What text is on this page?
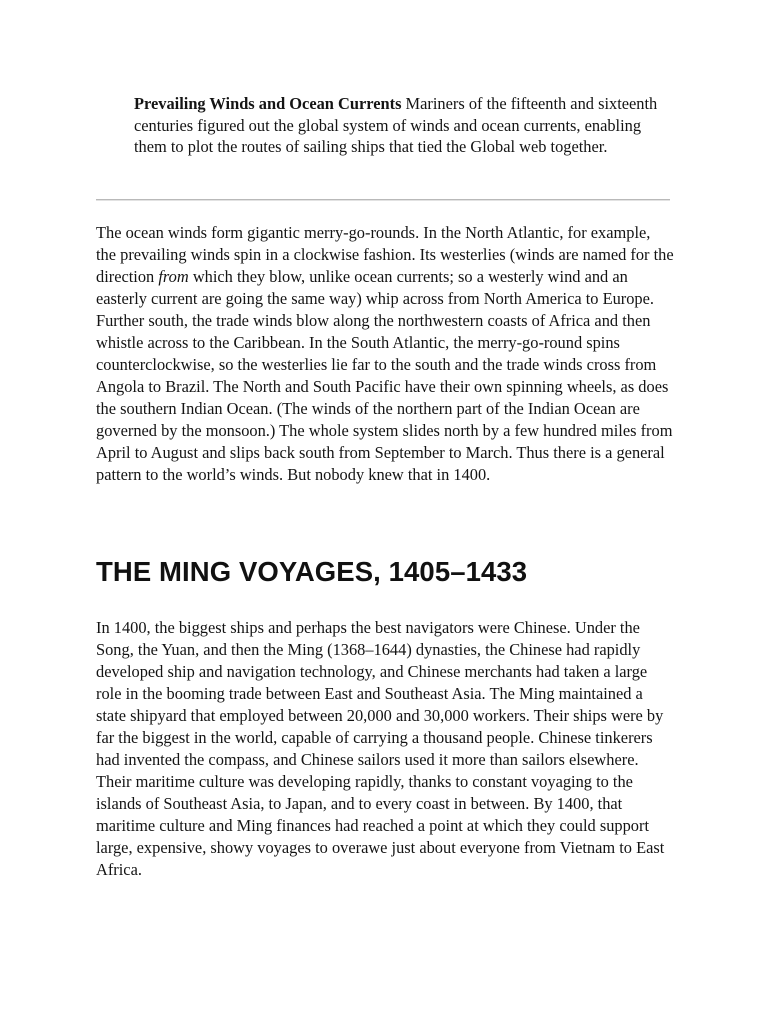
Prevailing Winds and Ocean Currents Mariners of the fifteenth and sixteenth centuries figured out the global system of winds and ocean currents, enabling them to plot the routes of sailing ships that tied the Global web together.

The ocean winds form gigantic merry-go-rounds. In the North Atlantic, for example, the prevailing winds spin in a clockwise fashion. Its westerlies (winds are named for the direction from which they blow, unlike ocean currents; so a westerly wind and an easterly current are going the same way) whip across from North America to Europe. Further south, the trade winds blow along the northwestern coasts of Africa and then whistle across to the Caribbean. In the South Atlantic, the merry-go-round spins counterclockwise, so the westerlies lie far to the south and the trade winds cross from Angola to Brazil. The North and South Pacific have their own spinning wheels, as does the southern Indian Ocean. (The winds of the northern part of the Indian Ocean are governed by the monsoon.) The whole system slides north by a few hundred miles from April to August and slips back south from September to March. Thus there is a general pattern to the world’s winds. But nobody knew that in 1400.

THE MING VOYAGES, 1405–1433

In 1400, the biggest ships and perhaps the best navigators were Chinese. Under the Song, the Yuan, and then the Ming (1368–1644) dynasties, the Chinese had rapidly developed ship and navigation technology, and Chinese merchants had taken a large role in the booming trade between East and Southeast Asia. The Ming maintained a state shipyard that employed between 20,000 and 30,000 workers. Their ships were by far the biggest in the world, capable of carrying a thousand people. Chinese tinkerers had invented the compass, and Chinese sailors used it more than sailors elsewhere. Their maritime culture was developing rapidly, thanks to constant voyaging to the islands of Southeast Asia, to Japan, and to every coast in between. By 1400, that maritime culture and Ming finances had reached a point at which they could support large, expensive, showy voyages to overawe just about everyone from Vietnam to East Africa.
